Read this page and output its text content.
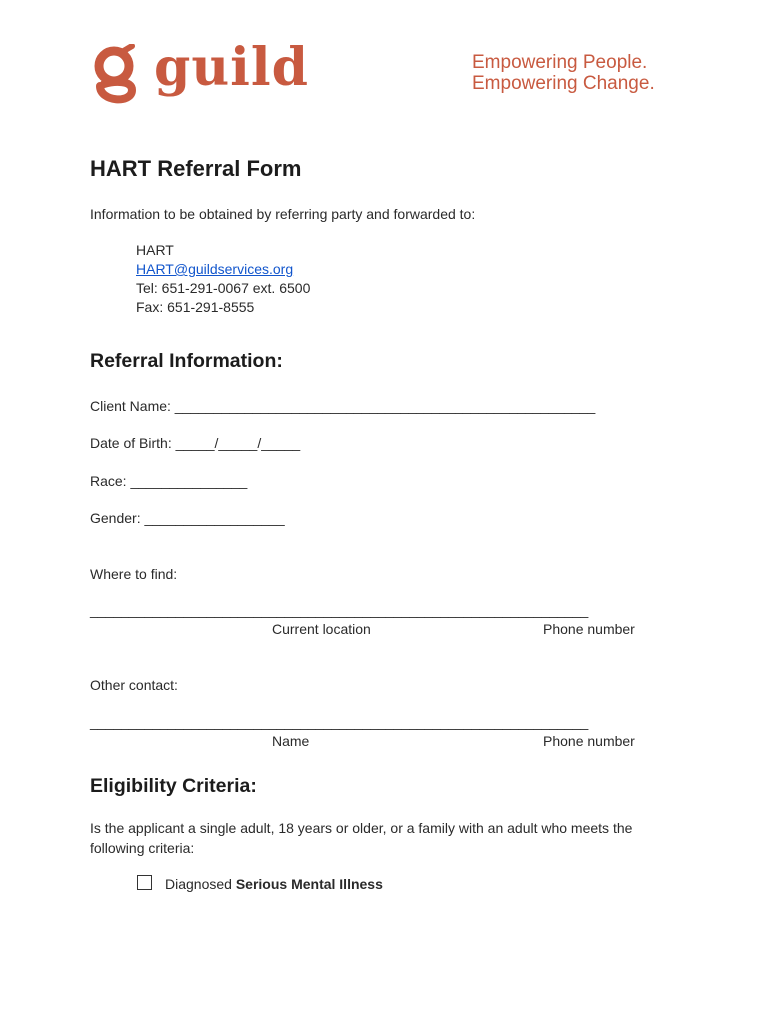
guild	Empowering People.
Empowering Change.
HART Referral Form
Information to be obtained by referring party and forwarded to:
HART
HART@guildservices.org
Tel: 651-291-0067 ext. 6500
Fax: 651-291-8555
Referral Information:
Client Name: ______________________________________________________
Date of Birth: _____/_____/_____
Race: _______________
Gender: __________________
Where to find:
________________________________________________________________
Current location	Phone number
Other contact:
________________________________________________________________
Name	Phone number
Eligibility Criteria:
Is the applicant a single adult, 18 years or older, or a family with an adult who meets the
following criteria:
Diagnosed Serious Mental Illness
